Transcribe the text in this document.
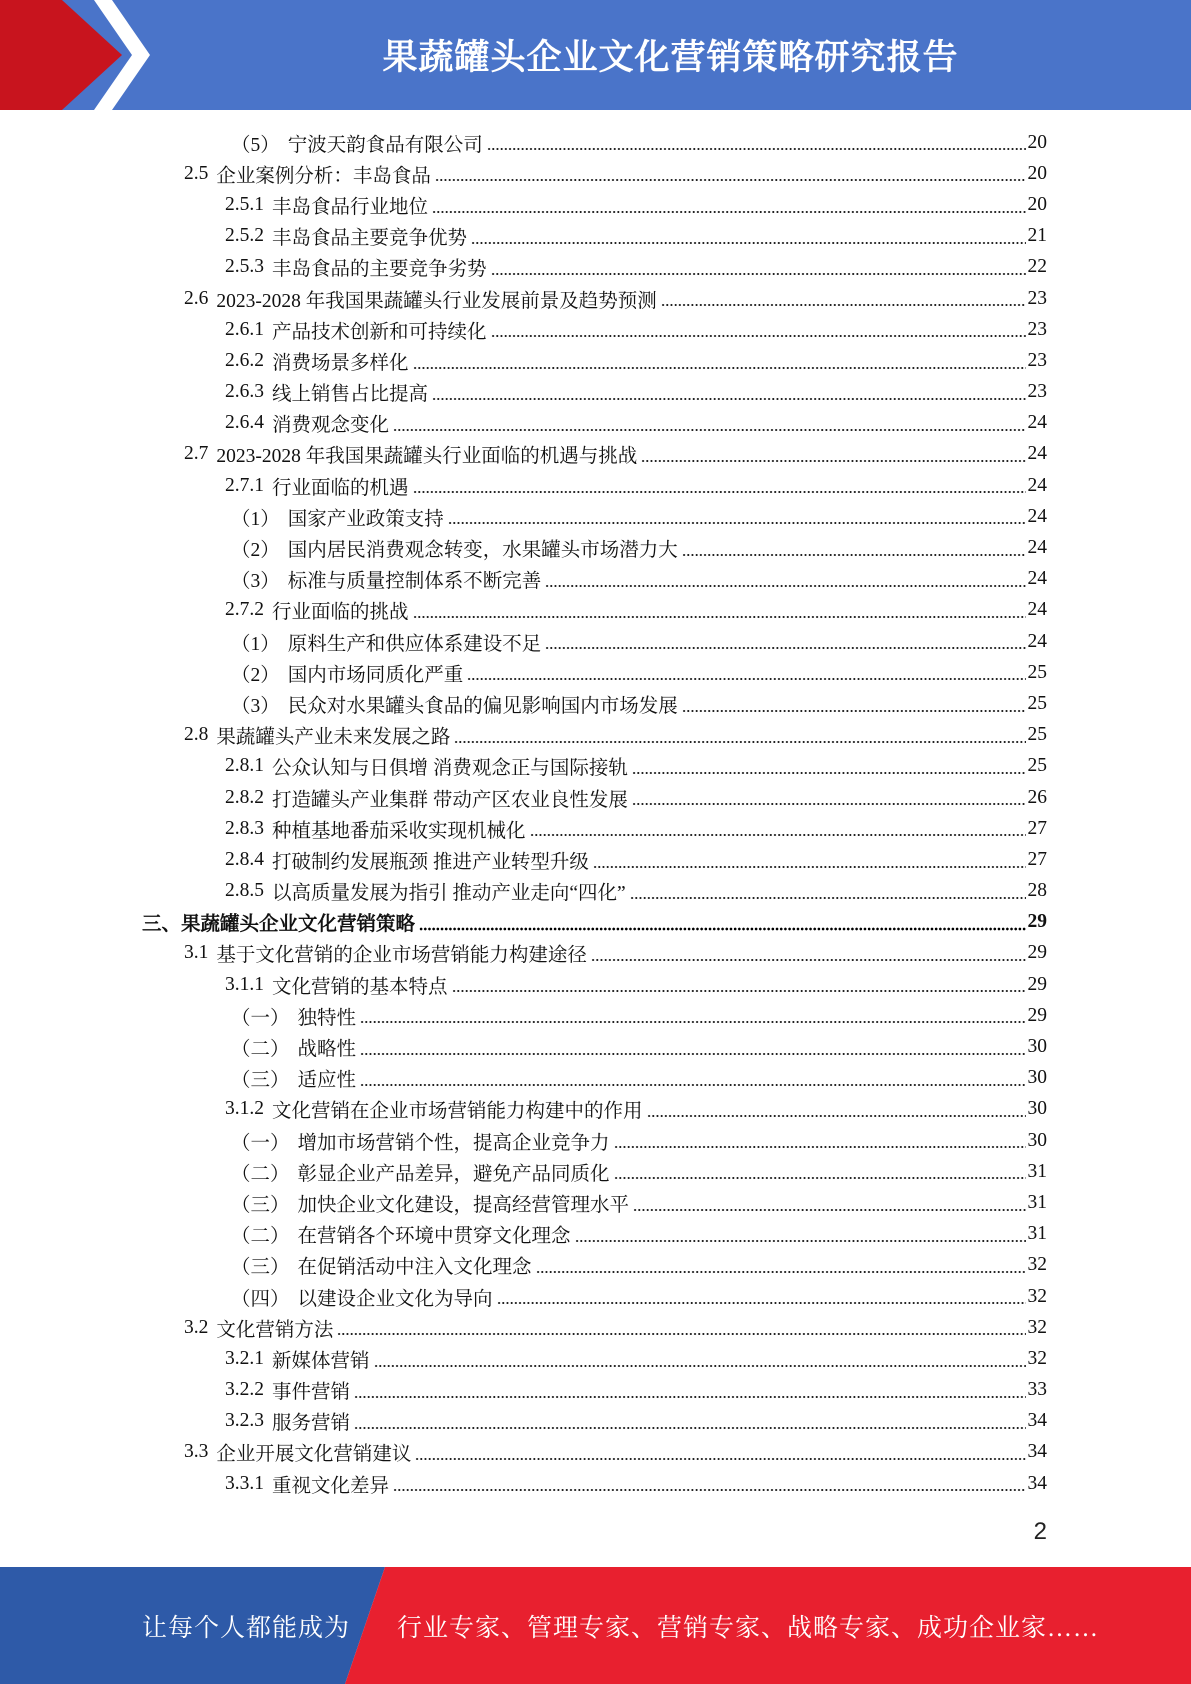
果蔬罐头企业文化营销策略研究报告
（5） 宁波天韵食品有限公司	20
2.5 企业案例分析：丰岛食品	20
2.5.1 丰岛食品行业地位	20
2.5.2 丰岛食品主要竞争优势	21
2.5.3 丰岛食品的主要竞争劣势	22
2.6 2023-2028 年我国果蔬罐头行业发展前景及趋势预测	23
2.6.1 产品技术创新和可持续化	23
2.6.2 消费场景多样化	23
2.6.3 线上销售占比提高	23
2.6.4 消费观念变化	24
2.7 2023-2028 年我国果蔬罐头行业面临的机遇与挑战	24
2.7.1 行业面临的机遇	24
（1） 国家产业政策支持	24
（2） 国内居民消费观念转变，水果罐头市场潜力大	24
（3） 标准与质量控制体系不断完善	24
2.7.2 行业面临的挑战	24
（1） 原料生产和供应体系建设不足	24
（2） 国内市场同质化严重	25
（3） 民众对水果罐头食品的偏见影响国内市场发展	25
2.8 果蔬罐头产业未来发展之路	25
2.8.1 公众认知与日俱增 消费观念正与国际接轨	25
2.8.2 打造罐头产业集群 带动产区农业良性发展	26
2.8.3 种植基地番茄采收实现机械化	27
2.8.4 打破制约发展瓶颈 推进产业转型升级	27
2.8.5 以高质量发展为指引 推动产业走向“四化”	28
三、果蔬罐头企业文化营销策略	29
3.1 基于文化营销的企业市场营销能力构建途径	29
3.1.1 文化营销的基本特点	29
（一） 独特性	29
（二） 战略性	30
（三） 适应性	30
3.1.2 文化营销在企业市场营销能力构建中的作用	30
（一） 增加市场营销个性，提高企业竞争力	30
（二） 彰显企业产品差异，避免产品同质化	31
（三） 加快企业文化建设，提高经营管理水平	31
（二） 在营销各个环境中贯穿文化理念	31
（三） 在促销活动中注入文化理念	32
（四） 以建设企业文化为导向	32
3.2 文化营销方法	32
3.2.1 新媒体营销	32
3.2.2 事件营销	33
3.2.3 服务营销	34
3.3 企业开展文化营销建议	34
3.3.1 重视文化差异	34
2
让每个人都能成为 行业专家、管理专家、营销专家、战略专家、成功企业家……
